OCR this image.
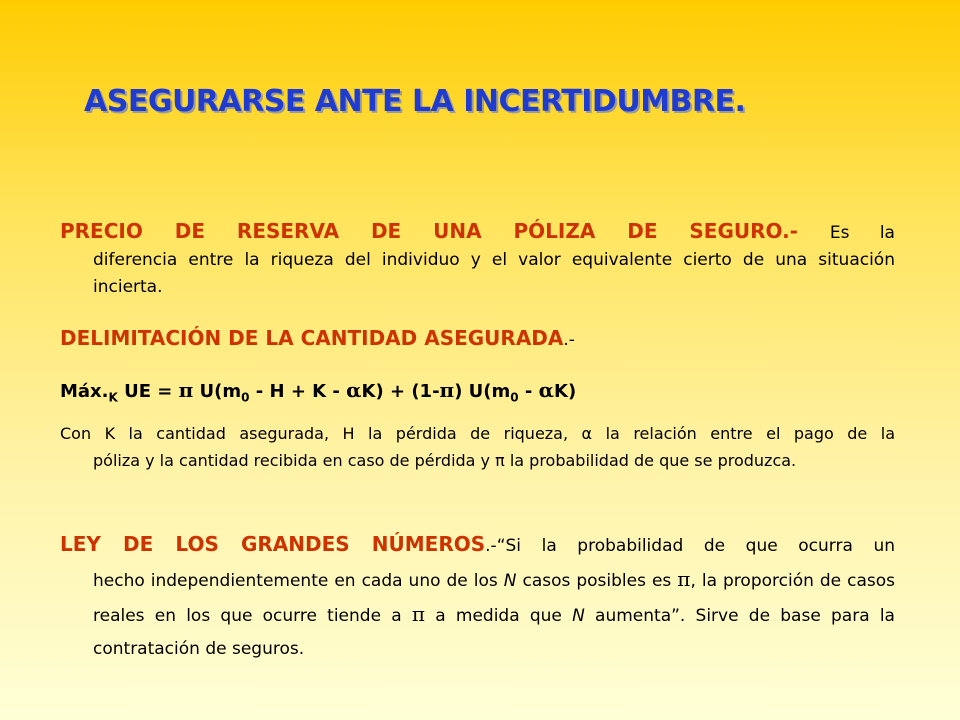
ASEGURARSE ANTE LA INCERTIDUMBRE.
PRECIO DE RESERVA DE UNA PÓLIZA DE SEGURO.- Es la
diferencia entre la riqueza del individuo y el valor equivalente cierto de una situación incierta.
DELIMITACIÓN DE LA CANTIDAD ASEGURADA.-
$Máx._K$ UE = π $U(m_0 - H + K - \alpha K) + (1-\pi)$ $U(m_0 - \alpha K)$
Con K la cantidad asegurada, H la pérdida de riqueza, α la relación entre el pago de la
póliza y la cantidad recibida en caso de pérdida y π la probabilidad de que se produzca.
LEY DE LOS GRANDES NÚMEROS.-“Si la probabilidad de que ocurra un
hecho independientemente en cada uno de los N casos posibles es π, la proporción de casos reales en los que ocurre tiende a π a medida que N aumenta”. Sirve de base para la contratación de seguros.
